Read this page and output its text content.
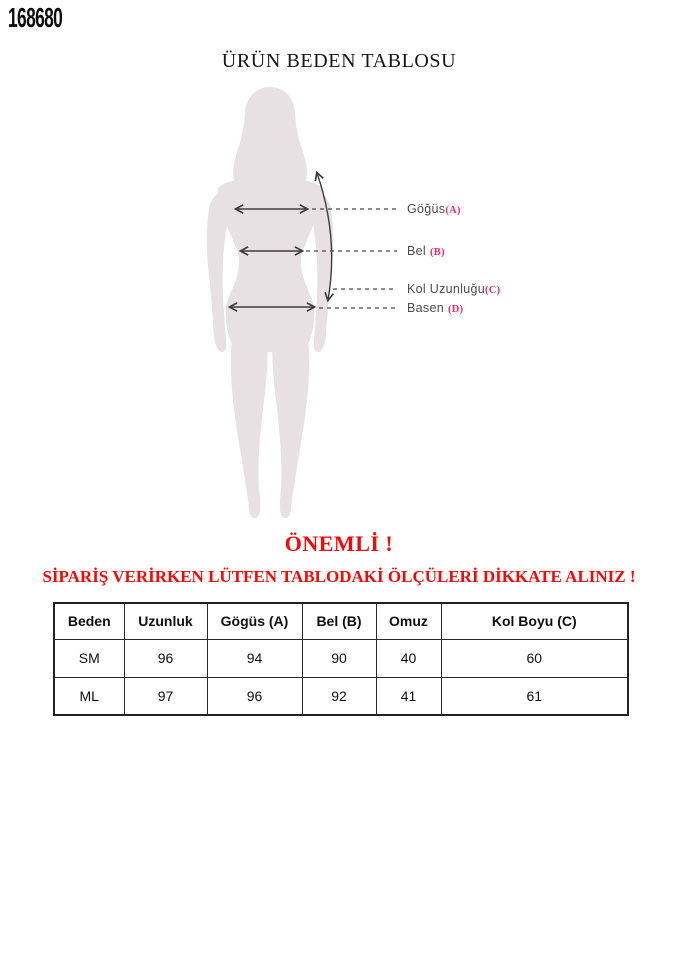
168680
ÜRÜN BEDEN TABLOSU
Göğüs(A)
Bel (B)
Kol Uzunluğu(C)
Basen (D)
ÖNEMLİ !
SİPARİŞ VERİRKEN LÜTFEN TABLODAKİ ÖLÇÜLERİ DİKKATE ALINIZ !
Beden	Uzunluk	Gögüs (A)	Bel (B)	Omuz	Kol Boyu (C)
SM	96	94	90	40	60
ML	97	96	92	41	61
